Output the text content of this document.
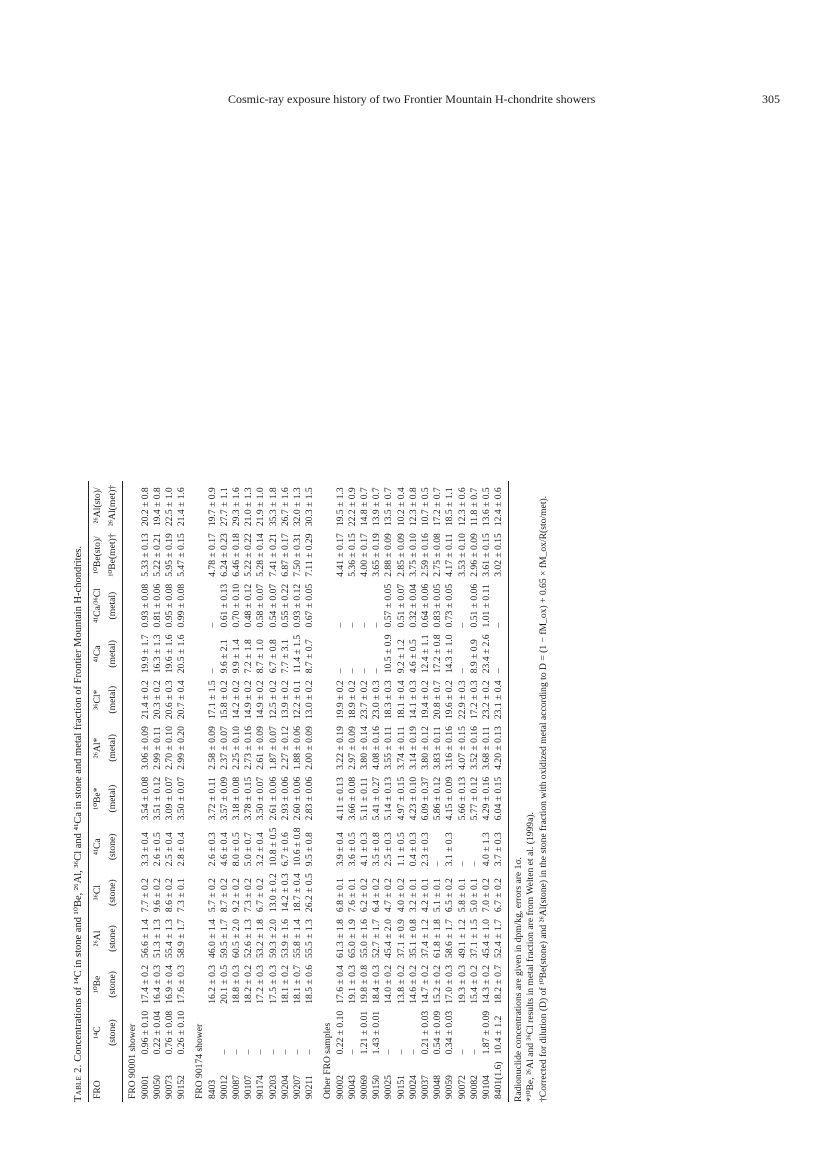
Cosmic-ray exposure history of two Frontier Mountain H-chondrite showers	305
Table 2. Concentrations of ¹⁴C in stone and ¹⁰Be, ²⁶Al, ³⁶Cl and ⁴¹Ca in stone and metal fraction of Frontier Mountain H-chondrites.
FRO	¹⁴C	¹⁰Be	²⁶Al	³⁶Cl	⁴¹Ca	¹⁰Be*	²⁶Al*	³⁶Cl*	⁴¹Ca	⁴¹Ca/³⁶Cl	¹⁰Be(sto)/	²⁶Al(sto)/
	(stone)	(stone)	(stone)	(stone)	(stone)	(metal)	(metal)	(metal)	(metal)	(metal)	¹⁰Be(met)†	²⁶Al(met)†
FRO 90001 shower												
90001	0.96 ± 0.10	17.4 ± 0.2	56.6 ± 1.4	7.7 ± 0.2	3.3 ± 0.4	3.54 ± 0.08	3.06 ± 0.09	21.4 ± 0.2	19.9 ± 1.7	0.93 ± 0.08	5.33 ± 0.13	20.2 ± 0.8
90050	0.22 ± 0.04	16.4 ± 0.3	51.3 ± 1.3	9.6 ± 0.2	2.6 ± 0.5	3.51 ± 0.12	2.99 ± 0.11	20.3 ± 0.2	16.3 ± 1.3	0.81 ± 0.06	5.22 ± 0.21	19.4 ± 0.8
90073	0.76 ± 0.08	16.9 ± 0.4	55.4 ± 1.3	8.6 ± 0.2	2.5 ± 0.4	3.09 ± 0.07	2.70 ± 0.10	20.6 ± 0.3	19.6 ± 1.6	0.95 ± 0.08	5.95 ± 0.19	22.5 ± 1.0
90152	0.26 ± 0.10	17.6 ± 0.3	58.9 ± 1.7	7.3 ± 0.1	2.8 ± 0.4	3.50 ± 0.07	2.99 ± 0.20	20.7 ± 0.4	20.5 ± 1.6	0.99 ± 0.08	5.47 ± 0.15	21.4 ± 1.6
FRO 90174 shower												
8403		16.2 ± 0.3	46.0 ± 1.4	5.7 ± 0.2	2.6 ± 0.3	3.72 ± 0.11	2.58 ± 0.09	17.1 ± 1.5	–	–	4.78 ± 0.17	19.7 ± 0.9
90012	–	20.1 ± 0.5	59.5 ± 1.7	8.7 ± 0.2	4.6 ± 0.4	3.57 ± 0.09	2.37 ± 0.07	15.8 ± 0.2	9.6 ± 2.1	0.61 ± 0.13	6.24 ± 0.23	27.7 ± 1.1
90087	–	18.8 ± 0.3	60.5 ± 2.0	9.2 ± 0.2	8.0 ± 0.5	3.18 ± 0.08	2.25 ± 0.10	14.2 ± 0.2	9.9 ± 1.4	0.70 ± 0.10	6.46 ± 0.18	29.3 ± 1.6
90107	–	18.2 ± 0.2	52.6 ± 1.3	7.3 ± 0.2	5.0 ± 0.7	3.78 ± 0.15	2.73 ± 0.16	14.9 ± 0.2	7.2 ± 1.8	0.48 ± 0.12	5.22 ± 0.22	21.0 ± 1.3
90174	–	17.2 ± 0.3	53.2 ± 1.8	6.7 ± 0.2	3.2 ± 0.4	3.50 ± 0.07	2.61 ± 0.09	14.9 ± 0.2	8.7 ± 1.0	0.58 ± 0.07	5.28 ± 0.14	21.9 ± 1.0
90203	–	17.5 ± 0.3	59.3 ± 2.0	13.0 ± 0.2	10.8 ± 0.5	2.61 ± 0.06	1.87 ± 0.07	12.5 ± 0.2	6.7 ± 0.8	0.54 ± 0.07	7.41 ± 0.21	35.3 ± 1.8
90204	–	18.1 ± 0.2	53.9 ± 1.6	14.2 ± 0.3	6.7 ± 0.6	2.93 ± 0.06	2.27 ± 0.12	13.9 ± 0.2	7.7 ± 3.1	0.55 ± 0.22	6.87 ± 0.17	26.7 ± 1.6
90207	–	18.1 ± 0.7	55.8 ± 1.4	18.7 ± 0.4	10.6 ± 0.8	2.60 ± 0.06	1.88 ± 0.06	12.2 ± 0.1	11.4 ± 1.5	0.93 ± 0.12	7.50 ± 0.31	32.0 ± 1.3
90211	–	18.5 ± 0.6	55.5 ± 1.3	26.2 ± 0.5	9.5 ± 0.8	2.83 ± 0.06	2.00 ± 0.09	13.0 ± 0.2	8.7 ± 0.7	0.67 ± 0.05	7.11 ± 0.29	30.3 ± 1.5
Other FRO samples												
90002	0.22 ± 0.10	17.6 ± 0.4	61.3 ± 1.8	6.8 ± 0.1	3.9 ± 0.4	4.11 ± 0.13	3.22 ± 0.19	19.9 ± 0.2	–	–	4.41 ± 0.17	19.5 ± 1.3
90043	–	19.1 ± 0.3	65.0 ± 1.9	7.6 ± 0.1	3.6 ± 0.5	3.66 ± 0.08	2.97 ± 0.09	18.9 ± 0.2	–	–	5.36 ± 0.15	22.2 ± 0.9
90069	1.21 ± 0.01	19.8 ± 0.8	55.0 ± 1.6	6.2 ± 0.2	4.1 ± 0.3	5.11 ± 0.11	3.80 ± 0.14	23.7 ± 0.2	–	–	4.00 ± 0.17	14.8 ± 0.7
90150	1.43 ± 0.01	18.4 ± 0.3	52.7 ± 1.7	6.4 ± 0.2	3.5 ± 0.8	5.41 ± 0.27	4.08 ± 0.16	23.0 ± 0.3	–	–	3.65 ± 0.19	13.9 ± 0.7
90025	–	14.0 ± 0.2	45.4 ± 2.0	4.7 ± 0.2	2.5 ± 0.3	5.14 ± 0.13	3.55 ± 0.11	18.3 ± 0.3	10.5 ± 0.9	0.57 ± 0.05	2.88 ± 0.09	13.5 ± 0.7
90151	–	13.8 ± 0.2	37.1 ± 0.9	4.0 ± 0.2	1.1 ± 0.5	4.97 ± 0.15	3.74 ± 0.11	18.1 ± 0.4	9.2 ± 1.2	0.51 ± 0.07	2.85 ± 0.09	10.2 ± 0.4
90024	–	14.6 ± 0.2	35.1 ± 0.8	3.2 ± 0.1	0.4 ± 0.3	4.23 ± 0.10	3.14 ± 0.19	14.1 ± 0.3	4.6 ± 0.5	0.32 ± 0.04	3.75 ± 0.10	12.3 ± 0.8
90037	0.21 ± 0.03	14.7 ± 0.2	37.4 ± 1.2	4.2 ± 0.1	2.3 ± 0.3	6.09 ± 0.37	3.80 ± 0.12	19.4 ± 0.2	12.4 ± 1.1	0.64 ± 0.06	2.59 ± 0.16	10.7 ± 0.5
90048	0.54 ± 0.09	15.2 ± 0.2	61.8 ± 1.8	5.1 ± 0.1	–	5.86 ± 0.12	3.83 ± 0.11	20.8 ± 0.7	17.2 ± 0.8	0.83 ± 0.05	2.75 ± 0.08	17.2 ± 0.7
90059	0.34 ± 0.03	17.0 ± 0.3	58.6 ± 1.7	6.5 ± 0.2	3.1 ± 0.3	4.15 ± 0.09	3.16 ± 0.16	19.6 ± 0.2	14.3 ± 1.0	0.73 ± 0.05	4.17 ± 0.11	18.5 ± 1.1
90072	–	19.3 ± 0.3	49.1 ± 1.2	5.8 ± 0.1	–	5.66 ± 0.13	4.07 ± 0.15	22.9 ± 0.3	–	–	3.53 ± 0.10	12.3 ± 0.6
90082	–	15.4 ± 0.2	37.1 ± 1.5	5.0 ± 0.1	–	5.77 ± 0.12	3.52 ± 0.16	17.2 ± 0.3	8.9 ± 0.9	0.51 ± 0.06	2.96 ± 0.09	11.8 ± 0.7
90104	1.87 ± 0.09	14.3 ± 0.2	45.4 ± 1.0	7.0 ± 0.2	4.0 ± 1.3	4.29 ± 0.16	3.68 ± 0.11	23.2 ± 0.2	23.4 ± 2.6	1.01 ± 0.11	3.61 ± 0.15	13.6 ± 0.5
8401(1.6)	10.4 ± 1.2	18.2 ± 0.7	52.4 ± 1.7	6.7 ± 0.2	3.7 ± 0.3	6.04 ± 0.15	4.20 ± 0.13	23.1 ± 0.4	–	–	3.02 ± 0.15	12.4 ± 0.6
Radionuclide concentrations are given in dpm/kg, errors are 1σ. *¹⁰Be, ²⁶Al and ³⁶Cl results in metal fraction are from Welten et al. (1999a). †Corrected for dilution (D) of ¹⁰Be(stone) and ²⁶Al(stone) in the stone fraction with oxidized metal according to D = (1 − fM_ox) + 0.65 × fM_ox/R(sto/met).
